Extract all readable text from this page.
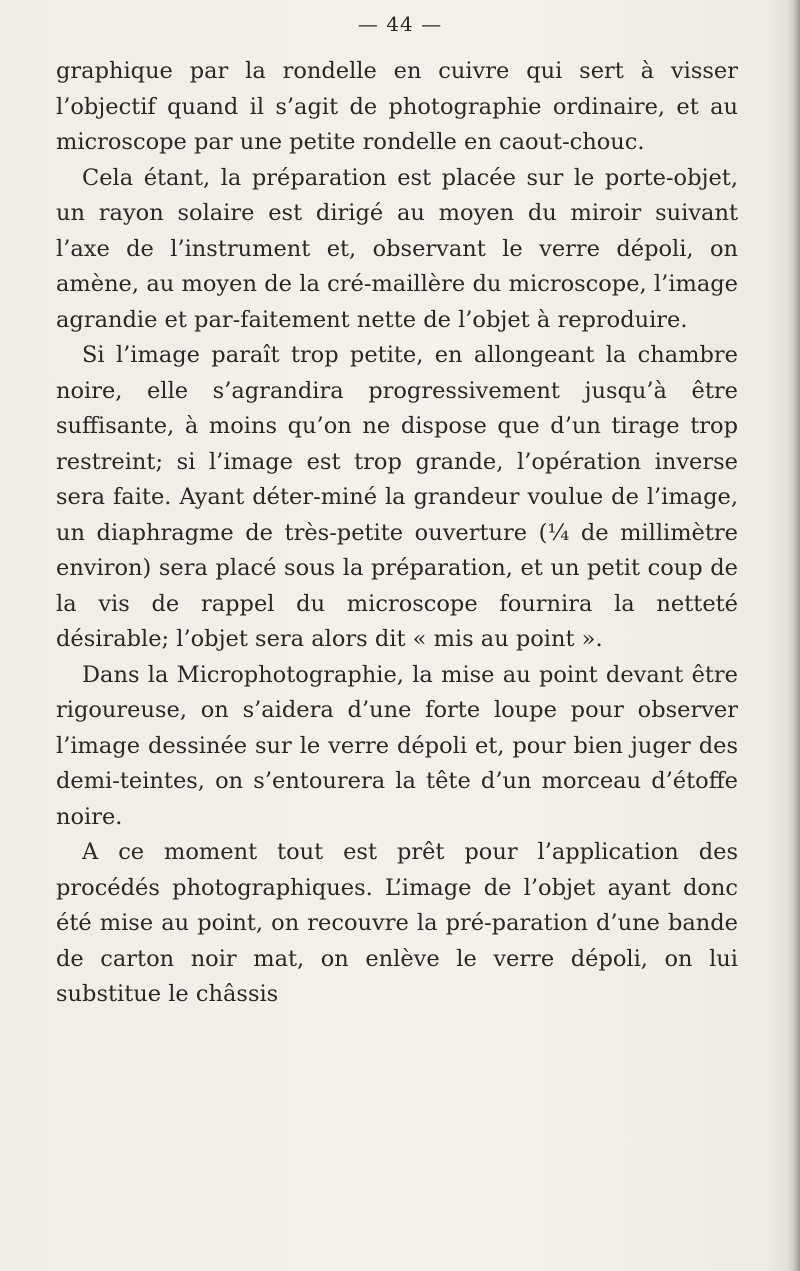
— 44 —

graphique par la rondelle en cuivre qui sert à visser l’objectif quand il s’agit de photographie ordinaire, et au microscope par une petite rondelle en caout-chouc.

Cela étant, la préparation est placée sur le porte-objet, un rayon solaire est dirigé au moyen du miroir suivant l’axe de l’instrument et, observant le verre dépoli, on amène, au moyen de la cré-maillère du microscope, l’image agrandie et par-faitement nette de l’objet à reproduire.

Si l’image paraît trop petite, en allongeant la chambre noire, elle s’agrandira progressivement jusqu’à être suffisante, à moins qu’on ne dispose que d’un tirage trop restreint; si l’image est trop grande, l’opération inverse sera faite. Ayant déter-miné la grandeur voulue de l’image, un diaphragme de très-petite ouverture (¼ de millimètre environ) sera placé sous la préparation, et un petit coup de la vis de rappel du microscope fournira la netteté désirable; l’objet sera alors dit « mis au point ».

Dans la Microphotographie, la mise au point devant être rigoureuse, on s’aidera d’une forte loupe pour observer l’image dessinée sur le verre dépoli et, pour bien juger des demi-teintes, on s’entourera la tête d’un morceau d’étoffe noire.

A ce moment tout est prêt pour l’application des procédés photographiques. L’image de l’objet ayant donc été mise au point, on recouvre la pré-paration d’une bande de carton noir mat, on enlève le verre dépoli, on lui substitue le châssis
